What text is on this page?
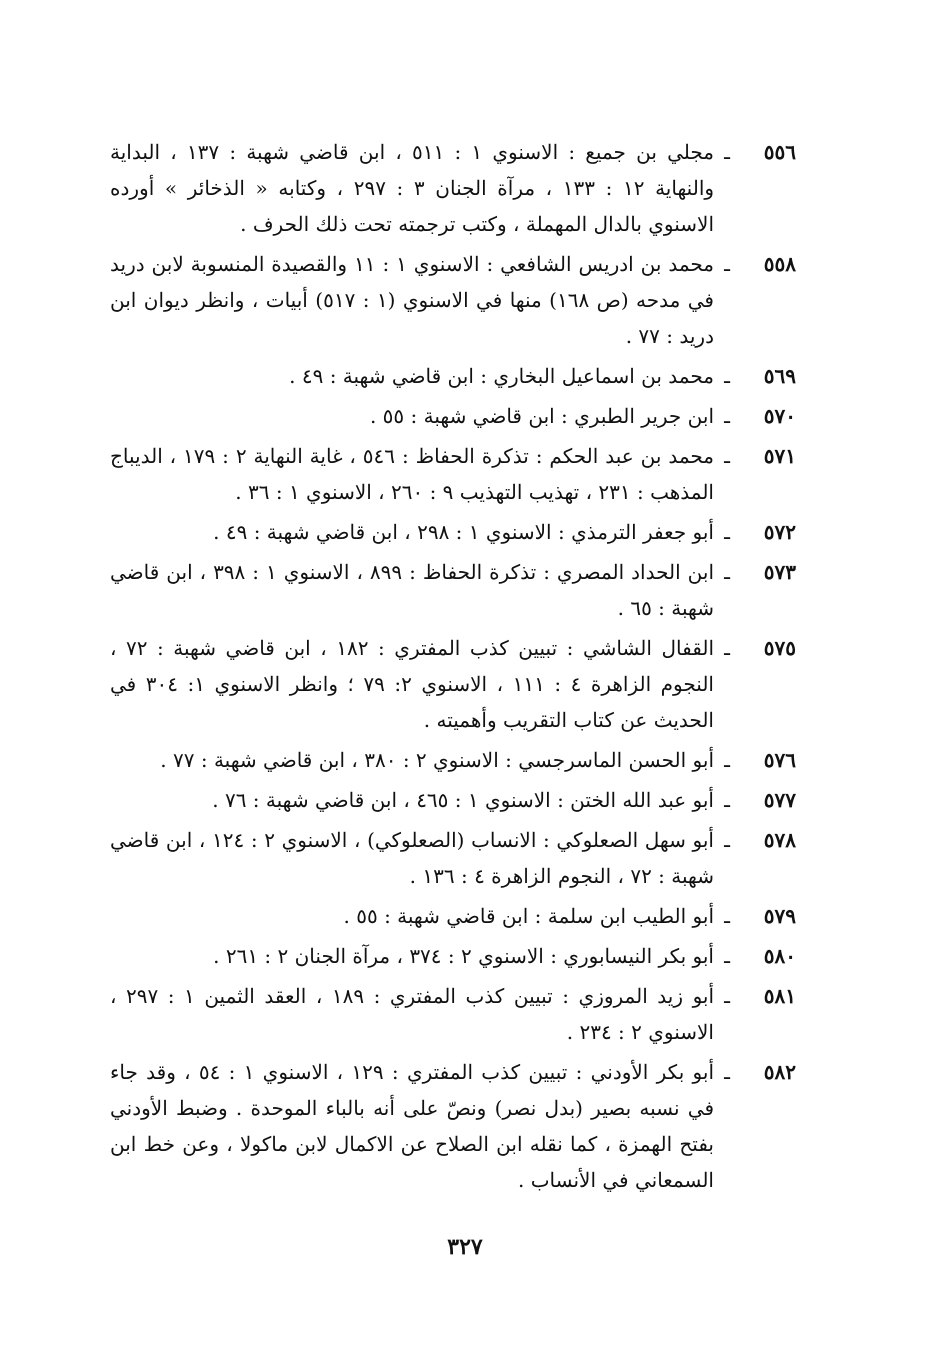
٥٥٦
ـ
مجلي بن جميع : الاسنوي ١ : ٥١١ ، ابن قاضي شهبة : ١٣٧ ، البداية والنهاية ١٢ : ١٣٣ ، مرآة الجنان ٣ : ٢٩٧ ، وكتابه « الذخائر » أورده الاسنوي بالدال المهملة ، وكتب ترجمته تحت ذلك الحرف .
٥٥٨
ـ
محمد بن ادريس الشافعي : الاسنوي ١ : ١١ والقصيدة المنسوبة لابن دريد في مدحه (ص ١٦٨) منها في الاسنوي (١ : ٥١٧) أبيات ، وانظر ديوان ابن دريد : ٧٧ .
٥٦٩
ـ
محمد بن اسماعيل البخاري : ابن قاضي شهبة : ٤٩ .
٥٧٠
ـ
ابن جرير الطبري : ابن قاضي شهبة : ٥٥ .
٥٧١
ـ
محمد بن عبد الحكم : تذكرة الحفاظ : ٥٤٦ ، غاية النهاية ٢ : ١٧٩ ، الديباج المذهب : ٢٣١ ، تهذيب التهذيب ٩ : ٢٦٠ ، الاسنوي ١ : ٣٦ .
٥٧٢
ـ
أبو جعفر الترمذي : الاسنوي ١ : ٢٩٨ ، ابن قاضي شهبة : ٤٩ .
٥٧٣
ـ
ابن الحداد المصري : تذكرة الحفاظ : ٨٩٩ ، الاسنوي ١ : ٣٩٨ ، ابن قاضي شهبة : ٦٥ .
٥٧٥
ـ
القفال الشاشي : تبيين كذب المفتري : ١٨٢ ، ابن قاضي شهبة : ٧٢ ، النجوم الزاهرة ٤ : ١١١ ، الاسنوي ٢: ٧٩ ؛ وانظر الاسنوي ١: ٣٠٤ في الحديث عن كتاب التقريب وأهميته .
٥٧٦
ـ
أبو الحسن الماسرجسي : الاسنوي ٢ : ٣٨٠ ، ابن قاضي شهبة : ٧٧ .
٥٧٧
ـ
أبو عبد الله الختن : الاسنوي ١ : ٤٦٥ ، ابن قاضي شهبة : ٧٦ .
٥٧٨
ـ
أبو سهل الصعلوكي : الانساب (الصعلوكي) ، الاسنوي ٢ : ١٢٤ ، ابن قاضي شهبة : ٧٢ ، النجوم الزاهرة ٤ : ١٣٦ .
٥٧٩
ـ
أبو الطيب ابن سلمة : ابن قاضي شهبة : ٥٥ .
٥٨٠
ـ
أبو بكر النيسابوري : الاسنوي ٢ : ٣٧٤ ، مرآة الجنان ٢ : ٢٦١ .
٥٨١
ـ
أبو زيد المروزي : تبيين كذب المفتري : ١٨٩ ، العقد الثمين ١ : ٢٩٧ ، الاسنوي ٢ : ٢٣٤ .
٥٨٢
ـ
أبو بكر الأودني : تبيين كذب المفتري : ١٢٩ ، الاسنوي ١ : ٥٤ ، وقد جاء في نسبه بصير (بدل نصر) ونصّ على أنه بالباء الموحدة . وضبط الأودني بفتح الهمزة ، كما نقله ابن الصلاح عن الاكمال لابن ماكولا ، وعن خط ابن السمعاني في الأنساب .
٣٢٧
